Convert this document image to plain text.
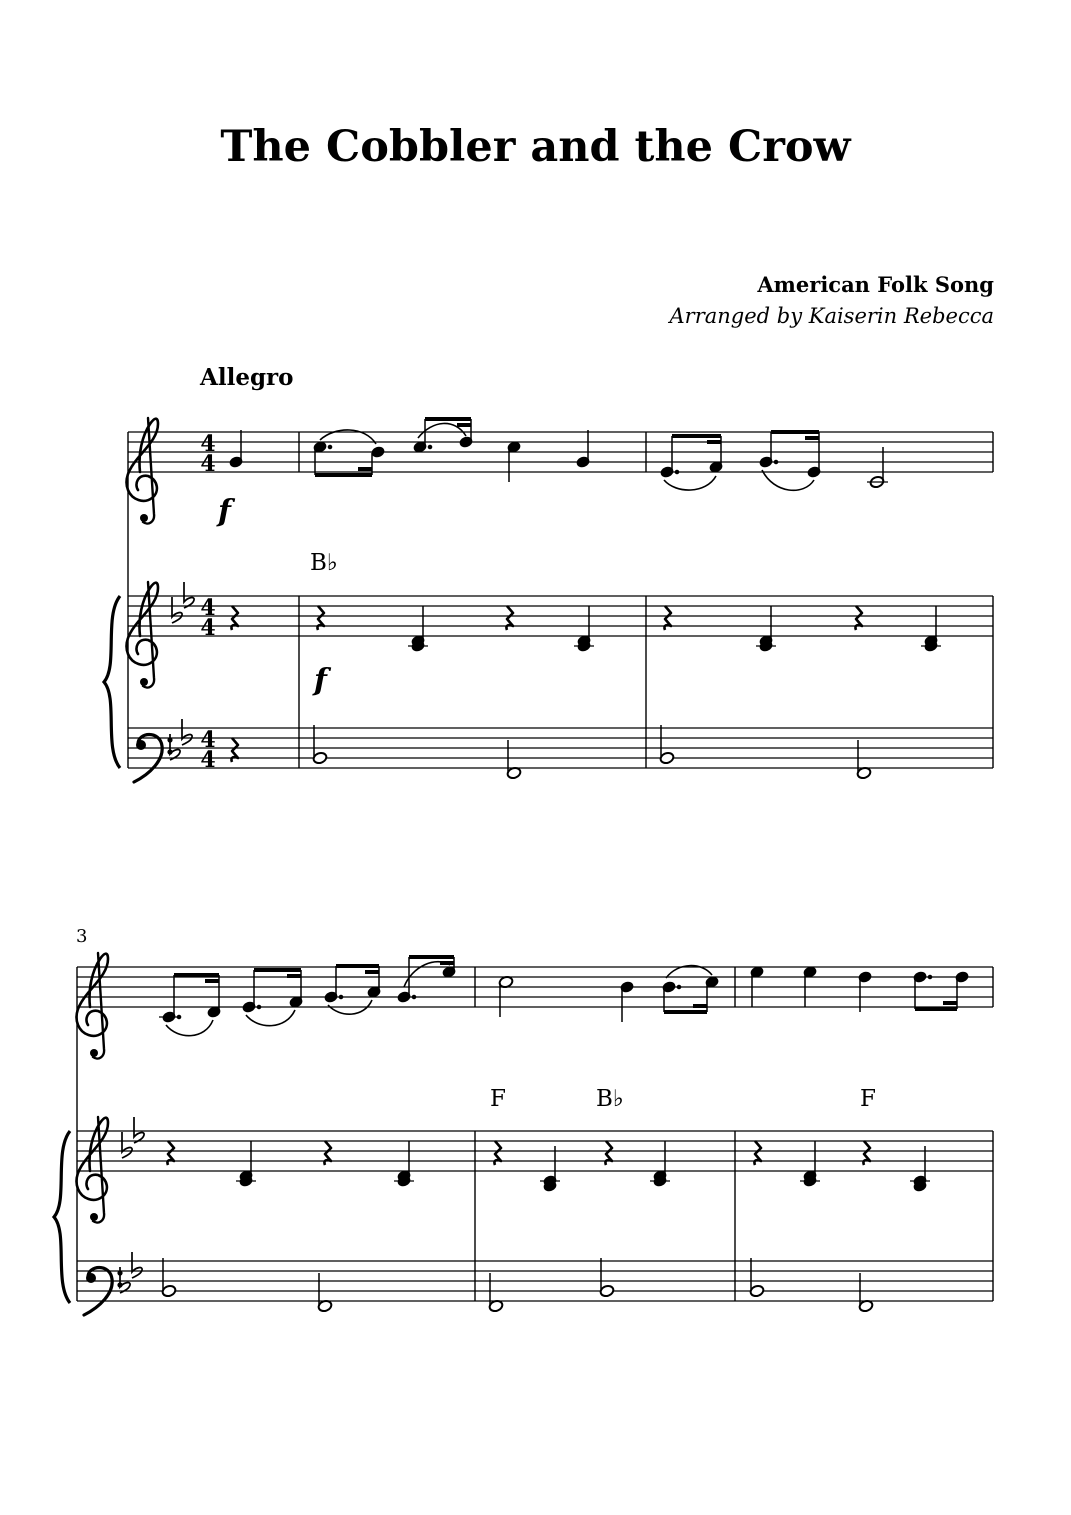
The Cobbler and the Crow
American Folk Song
Arranged by Kaiserin Rebecca
Allegro
4
4
4
4
4
4
f
f
B♭
3
F	B♭	F
